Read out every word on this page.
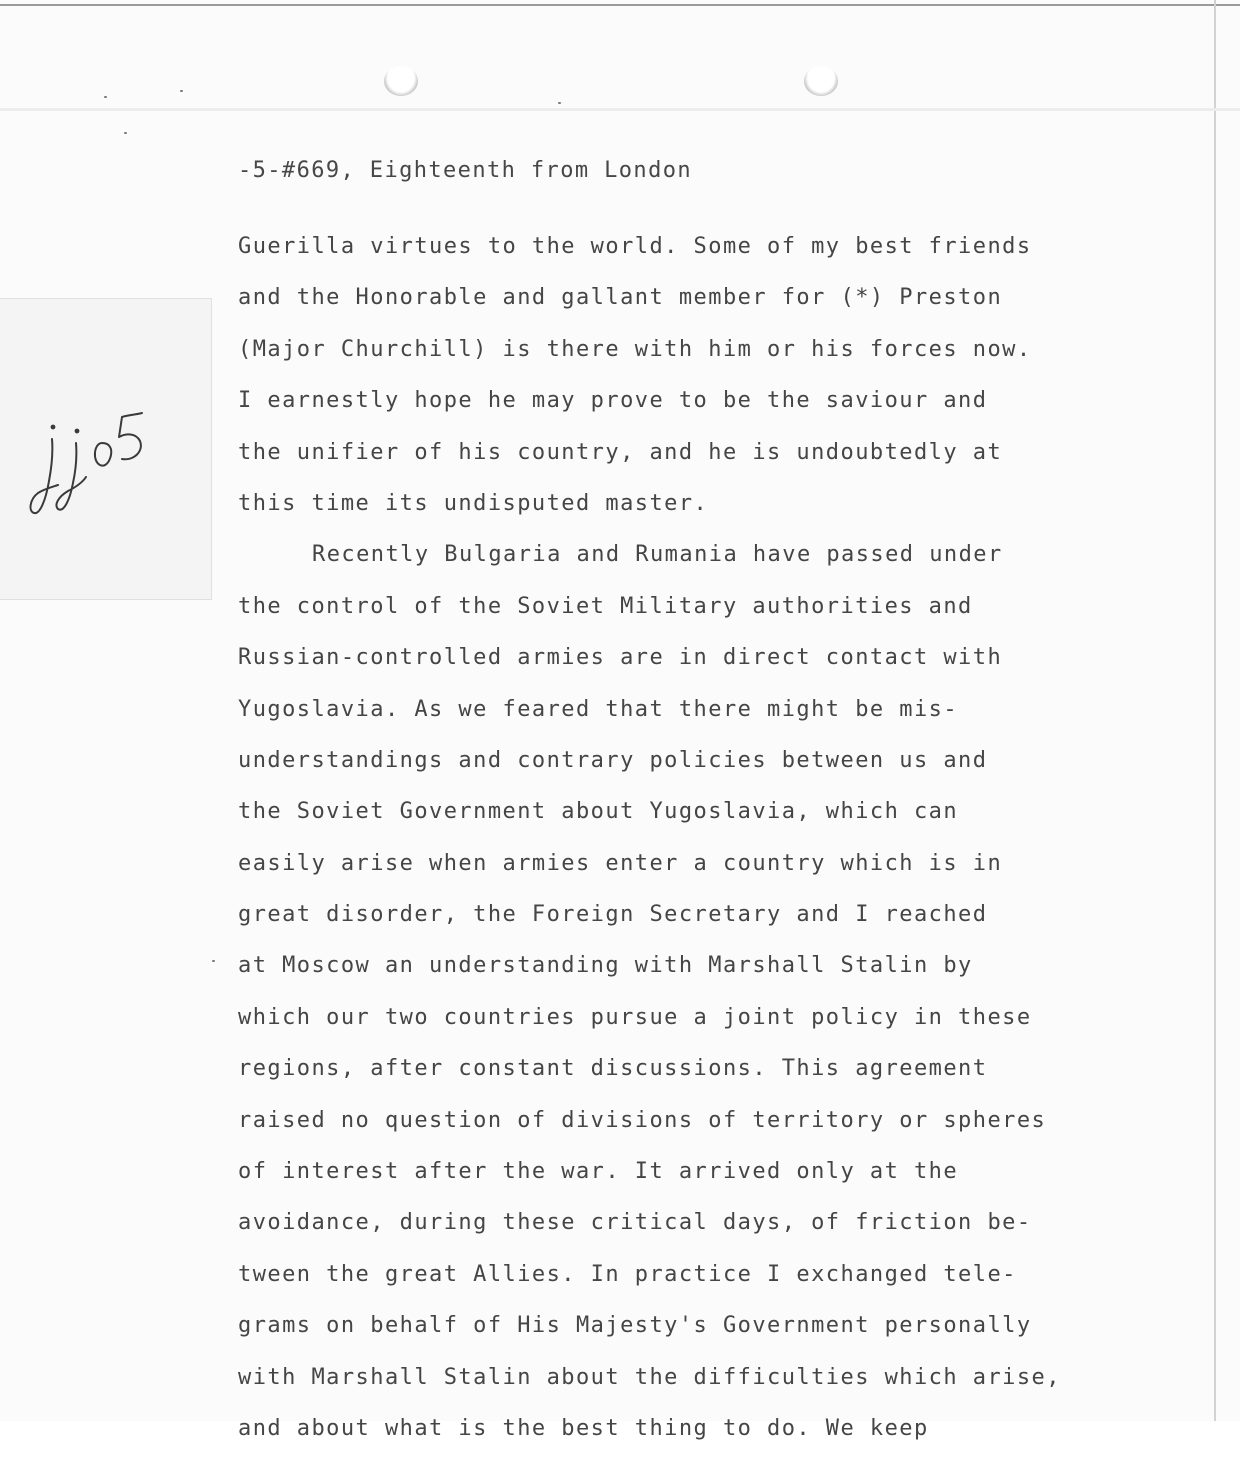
-5-#669, Eighteenth from London
Guerilla virtues to the world. Some of my best friends
and the Honorable and gallant member for (*) Preston
(Major Churchill) is there with him or his forces now.
I earnestly hope he may prove to be the saviour and
the unifier of his country, and he is undoubtedly at
this time its undisputed master.
Recently Bulgaria and Rumania have passed under
the control of the Soviet Military authorities and
Russian-controlled armies are in direct contact with
Yugoslavia. As we feared that there might be mis-
understandings and contrary policies between us and
the Soviet Government about Yugoslavia, which can
easily arise when armies enter a country which is in
great disorder, the Foreign Secretary and I reached
at Moscow an understanding with Marshall Stalin by
which our two countries pursue a joint policy in these
regions, after constant discussions. This agreement
raised no question of divisions of territory or spheres
of interest after the war. It arrived only at the
avoidance, during these critical days, of friction be-
tween the great Allies. In practice I exchanged tele-
grams on behalf of His Majesty's Government personally
with Marshall Stalin about the difficulties which arise,
and about what is the best thing to do. We keep
